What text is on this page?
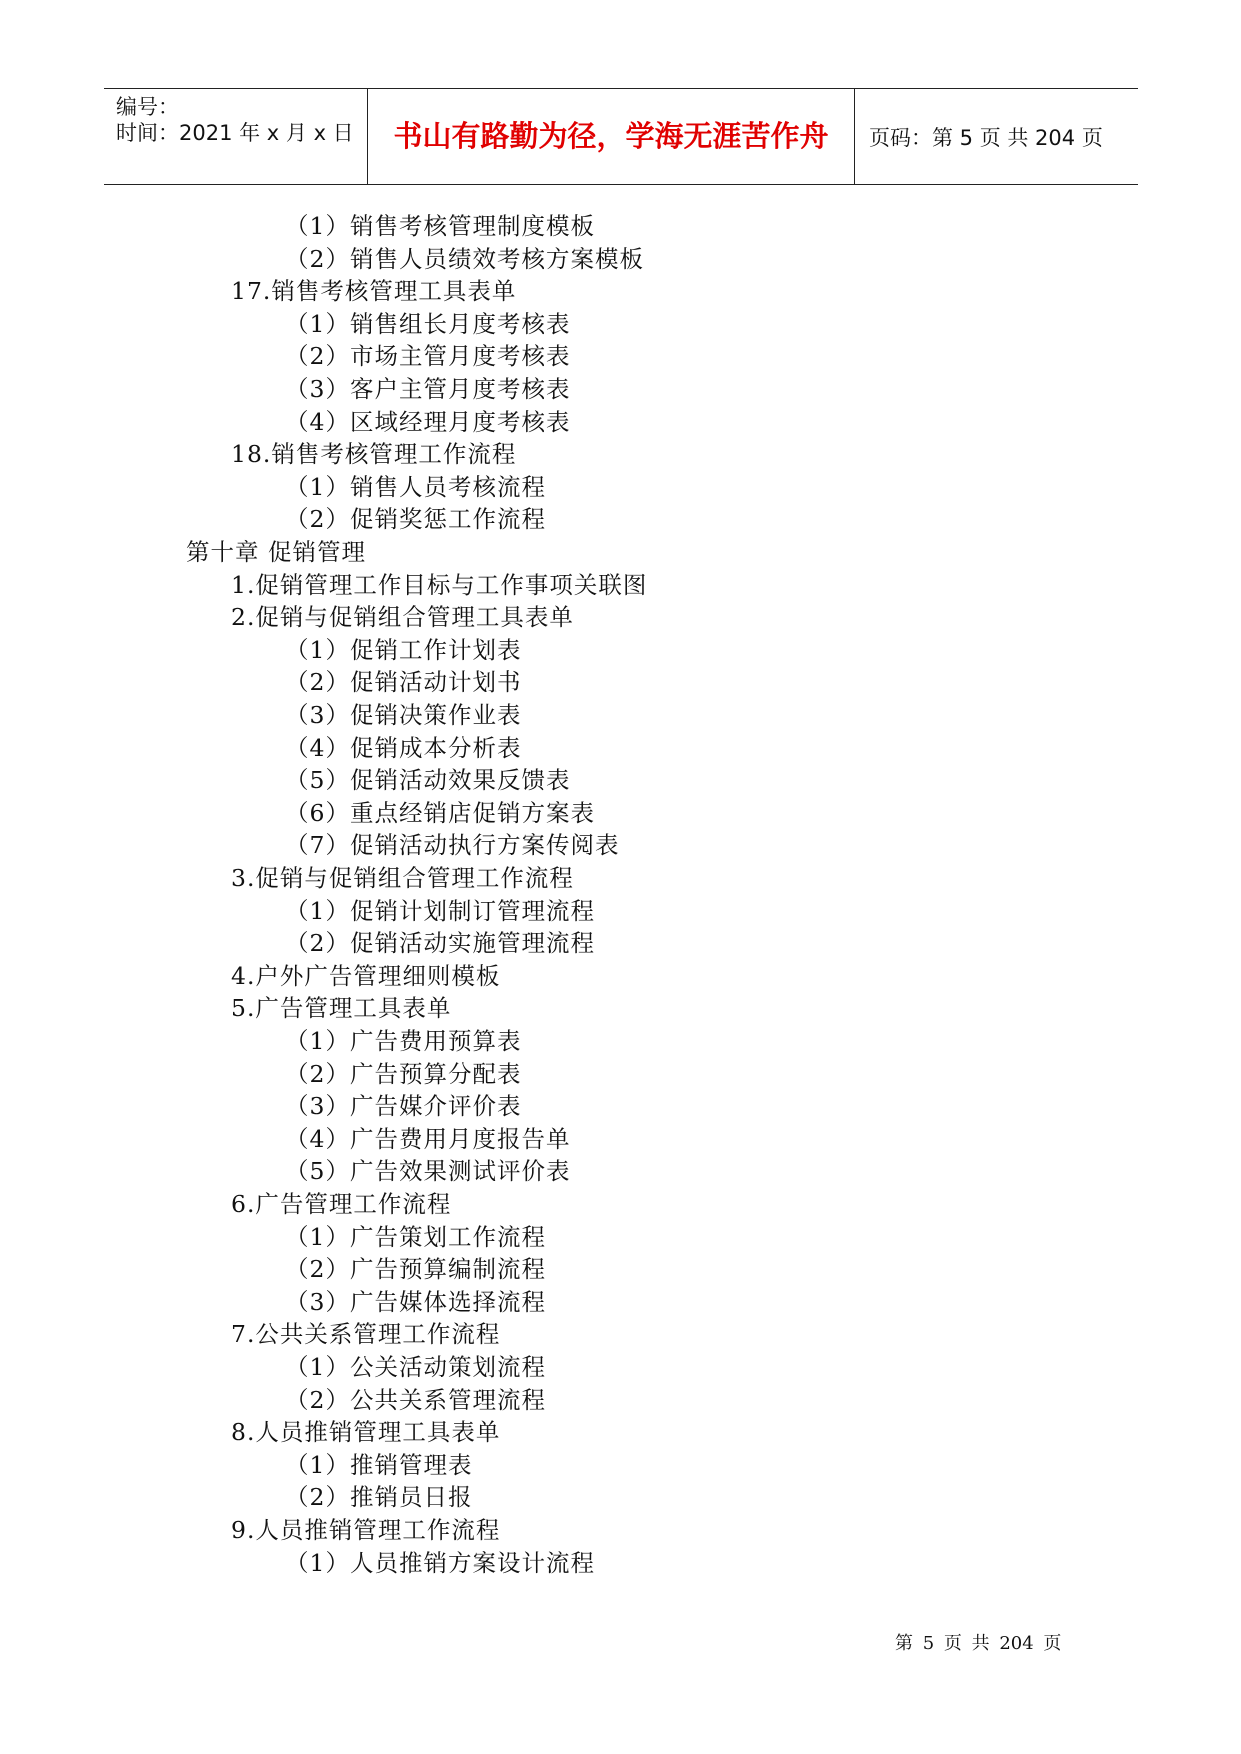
编号：
时间：2021 年 x 月 x 日	书山有路勤为径，学海无涯苦作舟	页码：第 5 页 共 204 页
（1）销售考核管理制度模板
（2）销售人员绩效考核方案模板
17.销售考核管理工具表单
（1）销售组长月度考核表
（2）市场主管月度考核表
（3）客户主管月度考核表
（4）区域经理月度考核表
18.销售考核管理工作流程
（1）销售人员考核流程
（2）促销奖惩工作流程
第十章 促销管理
1.促销管理工作目标与工作事项关联图
2.促销与促销组合管理工具表单
（1）促销工作计划表
（2）促销活动计划书
（3）促销决策作业表
（4）促销成本分析表
（5）促销活动效果反馈表
（6）重点经销店促销方案表
（7）促销活动执行方案传阅表
3.促销与促销组合管理工作流程
（1）促销计划制订管理流程
（2）促销活动实施管理流程
4.户外广告管理细则模板
5.广告管理工具表单
（1）广告费用预算表
（2）广告预算分配表
（3）广告媒介评价表
（4）广告费用月度报告单
（5）广告效果测试评价表
6.广告管理工作流程
（1）广告策划工作流程
（2）广告预算编制流程
（3）广告媒体选择流程
7.公共关系管理工作流程
（1）公关活动策划流程
（2）公共关系管理流程
8.人员推销管理工具表单
（1）推销管理表
（2）推销员日报
9.人员推销管理工作流程
（1）人员推销方案设计流程
第 5 页 共 204 页
